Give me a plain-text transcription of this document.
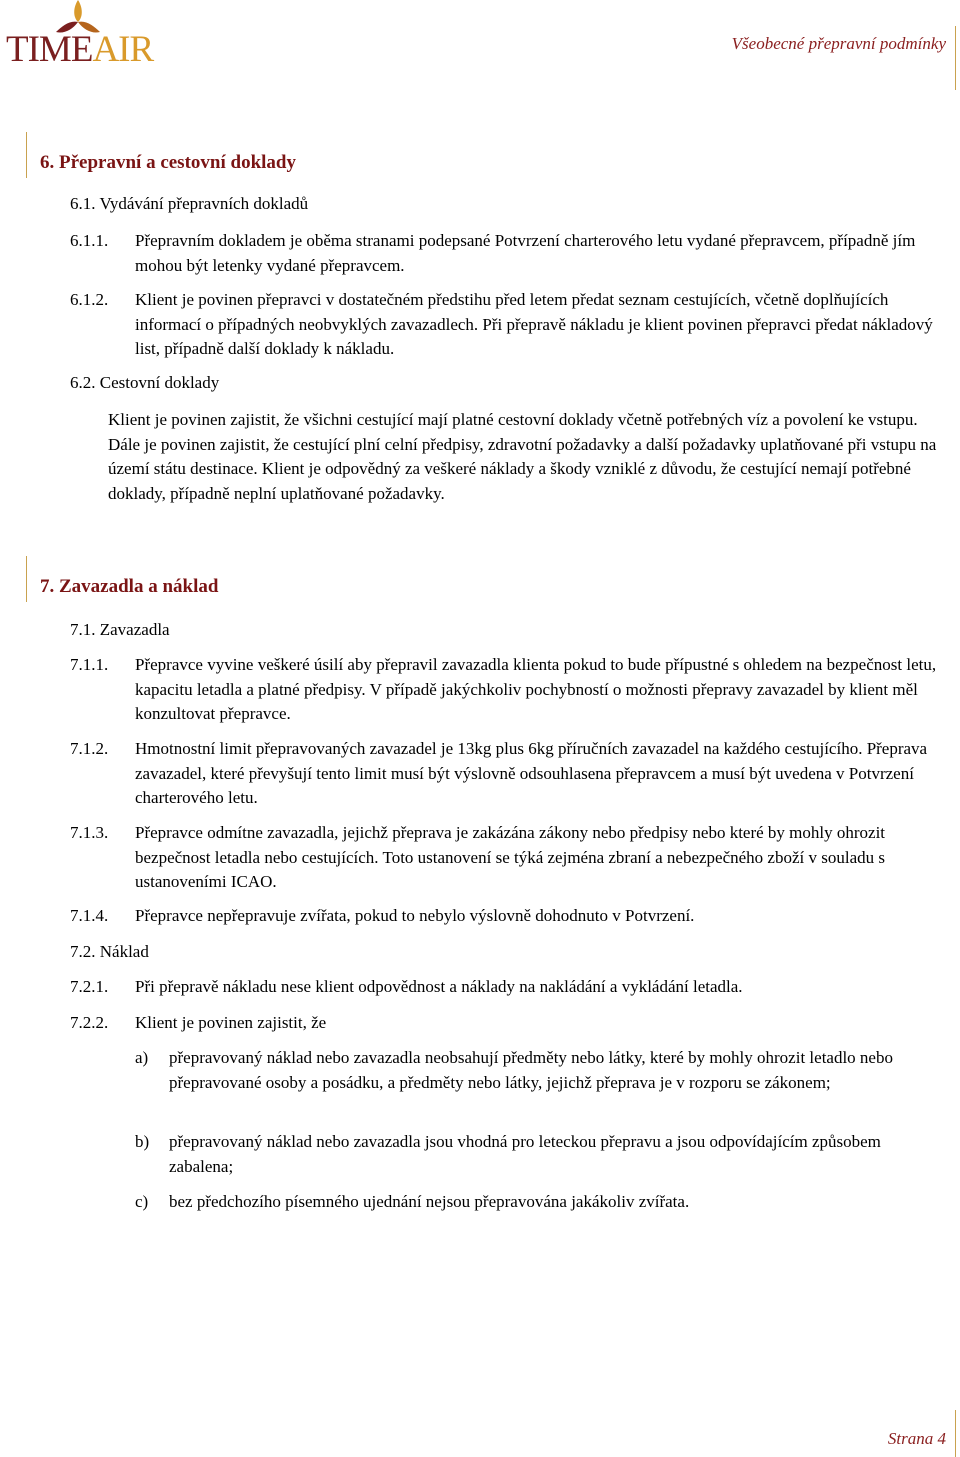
TIMEAIR	Všeobecné přepravní podmínky
6. Přepravní a cestovní doklady
6.1. Vydávání přepravních dokladů
6.1.1. Přepravním dokladem je oběma stranami podepsané Potvrzení charterového letu vydané přepravcem, případně jím mohou být letenky vydané přepravcem.
6.1.2. Klient je povinen přepravci v dostatečném předstihu před letem předat seznam cestujících, včetně doplňujících informací o případných neobvyklých zavazadlech. Při přepravě nákladu je klient povinen přepravci předat nákladový list, případně další doklady k nákladu.
6.2. Cestovní doklady
Klient je povinen zajistit, že všichni cestující mají platné cestovní doklady včetně potřebných víz a povolení ke vstupu. Dále je povinen zajistit, že cestující plní celní předpisy, zdravotní požadavky a další požadavky uplatňované při vstupu na území státu destinace. Klient je odpovědný za veškeré náklady a škody vzniklé z důvodu, že cestující nemají potřebné doklady, případně neplní uplatňované požadavky.
7. Zavazadla a náklad
7.1. Zavazadla
7.1.1. Přepravce vyvine veškeré úsilí aby přepravil zavazadla klienta pokud to bude přípustné s ohledem na bezpečnost letu, kapacitu letadla a platné předpisy. V případě jakýchkoliv pochybností o možnosti přepravy zavazadel by klient měl konzultovat přepravce.
7.1.2. Hmotnostní limit přepravovaných zavazadel je 13kg plus 6kg příručních zavazadel na každého cestujícího. Přeprava zavazadel, které převyšují tento limit musí být výslovně odsouhlasena přepravcem a musí být uvedena v Potvrzení charterového letu.
7.1.3. Přepravce odmítne zavazadla, jejichž přeprava je zakázána zákony nebo předpisy nebo které by mohly ohrozit bezpečnost letadla nebo cestujících. Toto ustanovení se týká zejména zbraní a nebezpečného zboží v souladu s ustanoveními ICAO.
7.1.4. Přepravce nepřepravuje zvířata, pokud to nebylo výslovně dohodnuto v Potvrzení.
7.2. Náklad
7.2.1. Při přepravě nákladu nese klient odpovědnost a náklady na nakládání a vykládání letadla.
7.2.2. Klient je povinen zajistit, že
a) přepravovaný náklad nebo zavazadla neobsahují předměty nebo látky, které by mohly ohrozit letadlo nebo přepravované osoby a posádku, a předměty nebo látky, jejichž přeprava je v rozporu se zákonem;
b) přepravovaný náklad nebo zavazadla jsou vhodná pro leteckou přepravu a jsou odpovídajícím způsobem zabalena;
c) bez předchozího písemného ujednání nejsou přepravována jakákoliv zvířata.
Strana 4
